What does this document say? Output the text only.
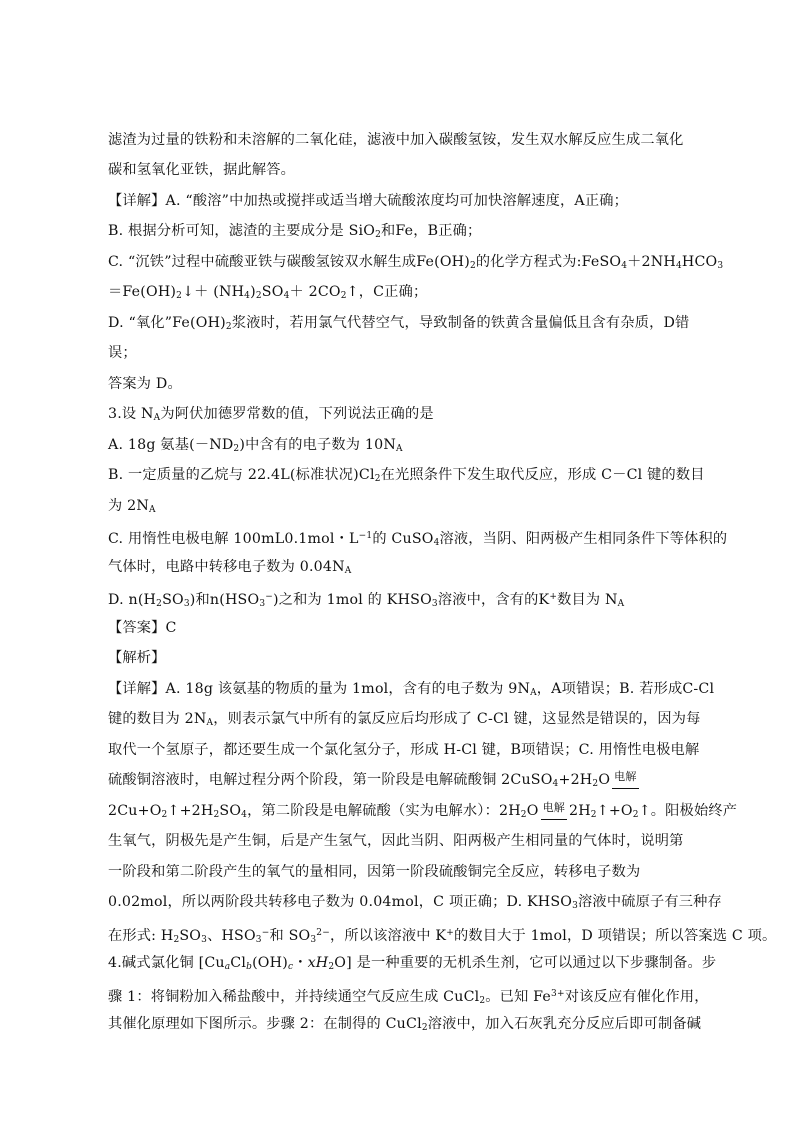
滤渣为过量的铁粉和未溶解的二氧化硅，滤液中加入碳酸氢铵，发生双水解反应生成二氧化
碳和氢氧化亚铁，据此解答。
【详解】A. “酸溶”中加热或搅拌或适当增大硫酸浓度均可加快溶解速度，A正确；
B. 根据分析可知，滤渣的主要成分是 SiO$_2$和Fe，B正确；
C. “沉铁”过程中硫酸亚铁与碳酸氢铵双水解生成$Fe(OH)_2$的化学方程式为$:FeSO_4+2NH_4HCO_3$
$=Fe(OH)_2↓+ (NH_4)_2SO_4+$ $2CO_2↑$，C正确；
D. “氧化$”Fe(OH)_2$浆液时，若用氯气代替空气，导致制备的铁黄含量偏低且含有杂质，D错
误；
答案为 D。
3.设 $N_A$为阿伏加德罗常数的值，下列说法正确的是
A. 18g 氨基$(-ND_2)$中含有的电子数为 $10N_A$
B. 一定质量的乙烷与 22.4L(标准状况)$Cl_2$在光照条件下发生取代反应，形成 C－Cl 键的数目
为 $2N_A$
C. 用惰性电极电解 100mL0.1mol・$L^{-1}$的 CuSO$_4$溶液，当阴、阳两极产生相同条件下等体积的
气体时，电路中转移电子数为 $0.04N_A$
D. $n(H_2SO_3)$和$n(HSO_3^-)$之和为 1mol 的 $KHSO_3$溶液中，含有的K+数目为 $N_A$
【答案】C
【解析】
【详解】A. 18g 该氨基的物质的量为 1mol，含有的电子数为 $9N_A$，A项错误；B. 若形成C-Cl
键的数目为 $2N_A$，则表示氯气中所有的氯反应后均形成了 C-Cl 键，这显然是错误的，因为每
取代一个氢原子，都还要生成一个氯化氢分子，形成 H-Cl 键，B项错误；C. 用惰性电极电解
硫酸铜溶液时，电解过程分两个阶段，第一阶段是电解硫酸铜 $2CuSO_4+2H_2O$ $^{电解}$
$2Cu+O_2↑+2H_2SO_4$，第二阶段是电解硫酸（实为电解水）：$2H_2O$ $^{电解}$ $2H_2↑+O_2↑$。阳极始终产
生氧气，阴极先是产生铜，后是产生氢气，因此当阴、阳两极产生相同量的气体时，说明第
一阶段和第二阶段产生的氧气的量相同，因第一阶段硫酸铜完全反应，转移电子数为
0.02mol，所以两阶段共转移电子数为 0.04mol，C 项正确；D. $KHSO_3$溶液中硫原子有三种存
在形式: $H_2SO_3$、$HSO_3^-$和 $SO_3^{2-}$，所以该溶液中 K+的数目大于 1mol，D 项错误；所以答案选 C 项。
4.碱式氯化铜 [$Cu_aCl_b(OH)_c$・$xH_2O$] 是一种重要的无机杀生剂，它可以通过以下步骤制备。步
骤 1：将铜粉加入稀盐酸中，并持续通空气反应生成 CuCl$_2$。已知 $Fe^{3+}$对该反应有催化作用，
其催化原理如下图所示。步骤 2：在制得的 CuCl$_2$溶液中，加入石灰乳充分反应后即可制备碱
